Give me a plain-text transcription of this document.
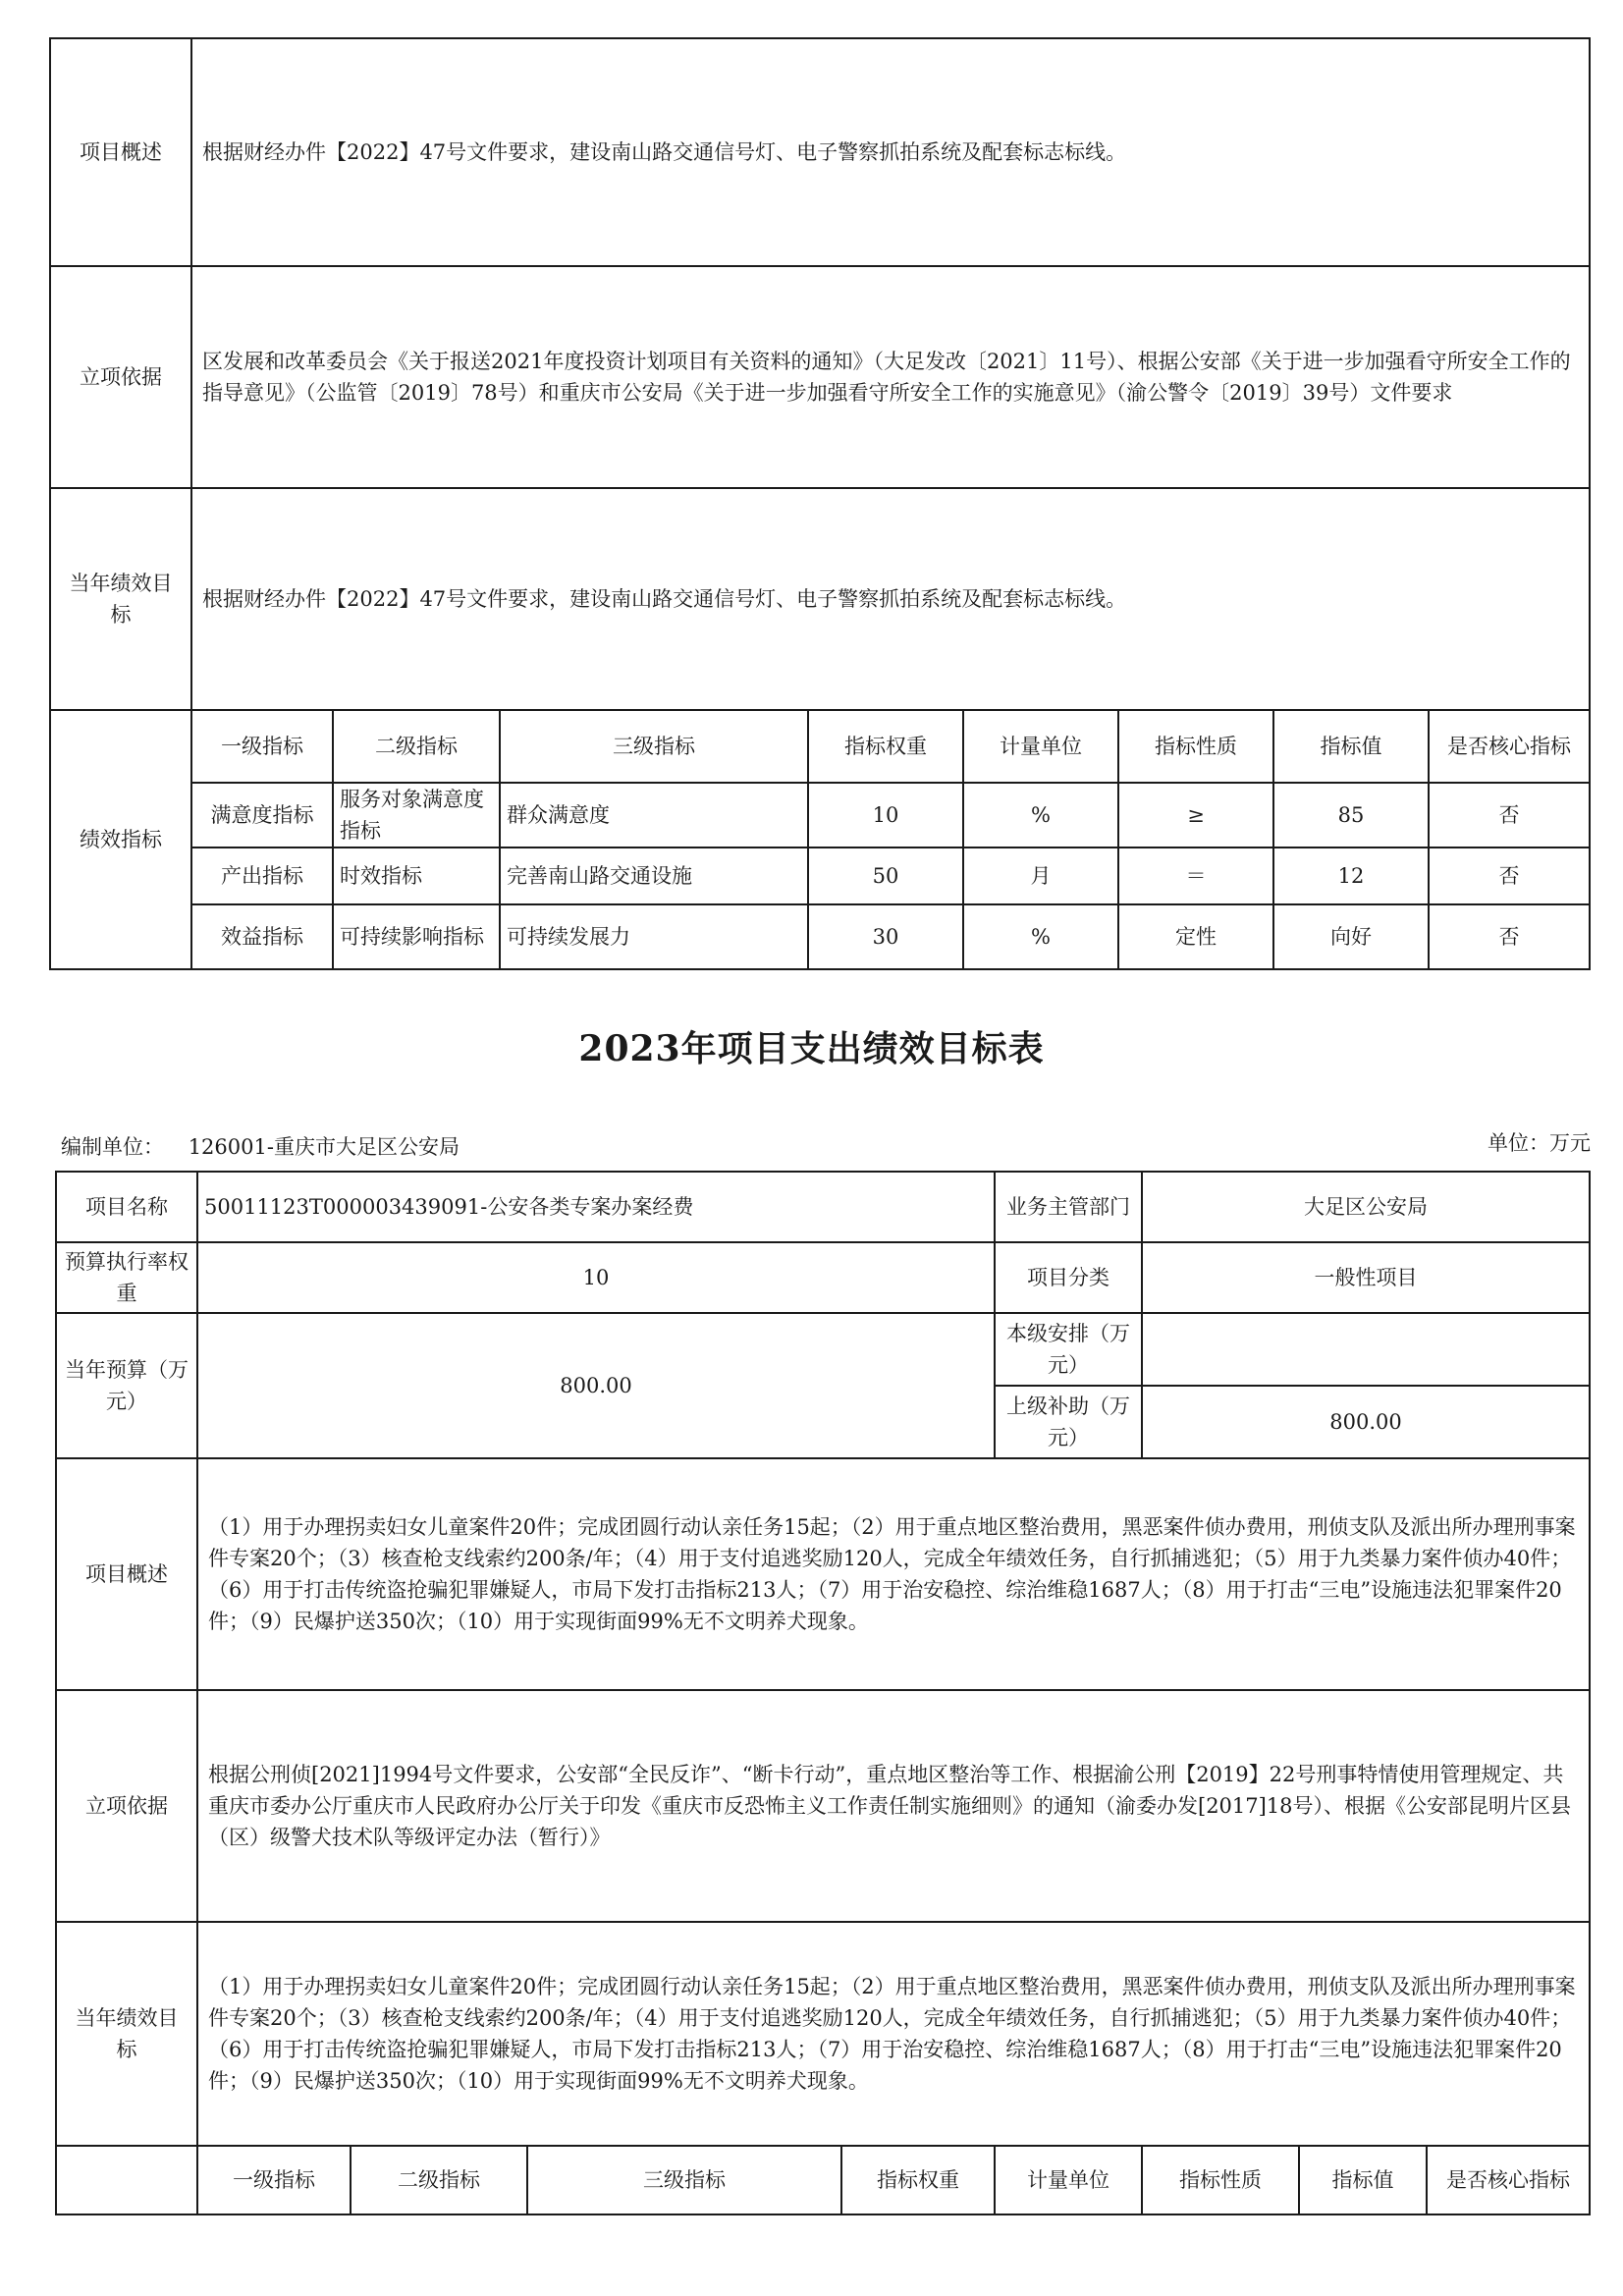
项目概述	根据财经办件【2022】47号文件要求，建设南山路交通信号灯、电子警察抓拍系统及配套标志标线。							
立项依据	区发展和改革委员会《关于报送2021年度投资计划项目有关资料的通知》（大足发改〔2021〕11号）、根据公安部《关于进一步加强看守所安全工作的指导意见》（公监管〔2019〕78号）和重庆市公安局《关于进一步加强看守所安全工作的实施意见》（渝公警令〔2019〕39号）文件要求							
当年绩效目标	根据财经办件【2022】47号文件要求，建设南山路交通信号灯、电子警察抓拍系统及配套标志标线。							
绩效指标	一级指标	二级指标	三级指标	指标权重	计量单位	指标性质	指标值	是否核心指标
	满意度指标	服务对象满意度指标	群众满意度	10	%	≥	85	否
	产出指标	时效指标	完善南山路交通设施	50	月	＝	12	否
	效益指标	可持续影响指标	可持续发展力	30	%	定性	向好	否
2023年项目支出绩效目标表
编制单位： 126001-重庆市大足区公安局	单位：万元
项目名称	50011123T000003439091-公安各类专案办案经费				业务主管部门	大足区公安局		
预算执行率权重	10				项目分类	一般性项目		
当年预算（万元）	800.00				本级安排（万元）			
					上级补助（万元）	800.00		
项目概述	（1）用于办理拐卖妇女儿童案件20件；完成团圆行动认亲任务15起；（2）用于重点地区整治费用，黑恶案件侦办费用，刑侦支队及派出所办理刑事案件专案20个；（3）核查枪支线索约200条/年；（4）用于支付追逃奖励120人，完成全年绩效任务，自行抓捕逃犯；（5）用于九类暴力案件侦办40件；（6）用于打击传统盗抢骗犯罪嫌疑人，市局下发打击指标213人；（7）用于治安稳控、综治维稳1687人；（8）用于打击“三电”设施违法犯罪案件20件；（9）民爆护送350次；（10）用于实现街面99%无不文明养犬现象。							
立项依据	根据公刑侦[2021]1994号文件要求，公安部“全民反诈”、“断卡行动”，重点地区整治等工作、根据渝公刑【2019】22号刑事特情使用管理规定、共重庆市委办公厅重庆市人民政府办公厅关于印发《重庆市反恐怖主义工作责任制实施细则》的通知（渝委办发[2017]18号）、根据《公安部昆明片区县（区）级警犬技术队等级评定办法（暂行）》							
当年绩效目标	（1）用于办理拐卖妇女儿童案件20件；完成团圆行动认亲任务15起；（2）用于重点地区整治费用，黑恶案件侦办费用，刑侦支队及派出所办理刑事案件专案20个；（3）核查枪支线索约200条/年；（4）用于支付追逃奖励120人，完成全年绩效任务，自行抓捕逃犯；（5）用于九类暴力案件侦办40件；（6）用于打击传统盗抢骗犯罪嫌疑人，市局下发打击指标213人；（7）用于治安稳控、综治维稳1687人；（8）用于打击“三电”设施违法犯罪案件20件；（9）民爆护送350次；（10）用于实现街面99%无不文明养犬现象。							
	一级指标	二级指标	三级指标	指标权重	计量单位	指标性质	指标值	是否核心指标
